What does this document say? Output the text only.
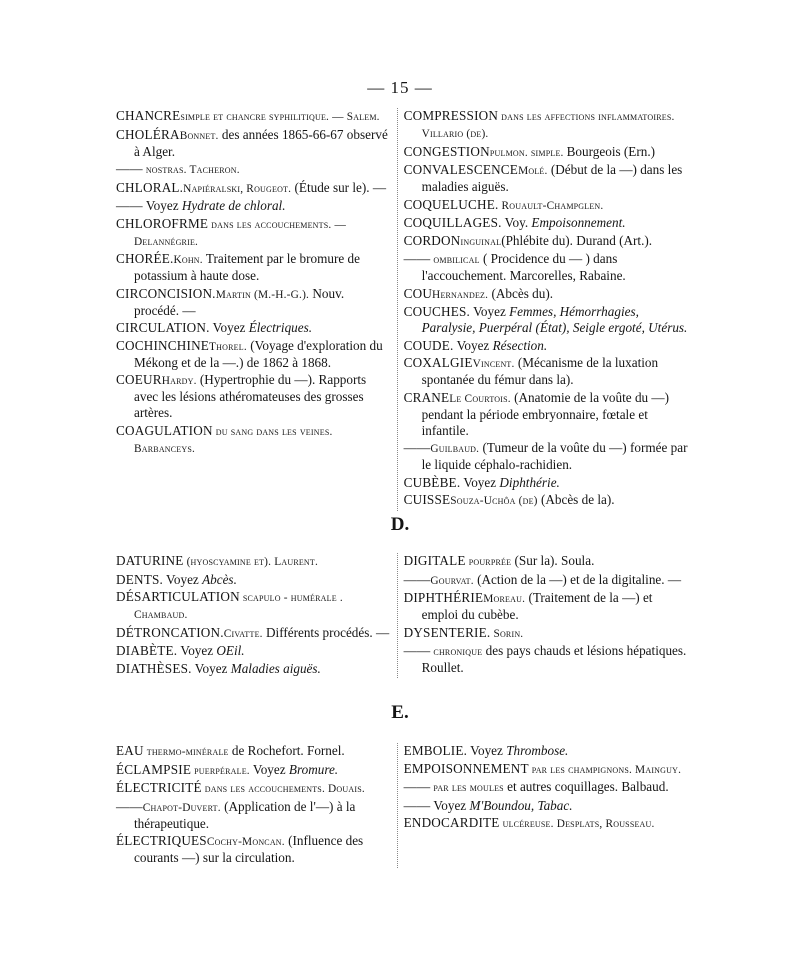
— 15 —
CHANCREsimple et chancre syphilitique. — Salem.
CHOLÉRABonnet. des années 1865-66-67 observé à Alger.
—— nostras. Tacheron.
CHLORAL.Napiéralski, Rougeot. (Étude sur le). —
—— Voyez Hydrate de chloral.
CHLOROFRME dans les accouchements. — Delannégrie.
CHORÉE.Kohn. Traitement par le bromure de potassium à haute dose.
CIRCONCISION.Martin (M.-H.-G.). Nouv. procédé. —
CIRCULATION. Voyez Électriques.
COCHINCHINEThorel. (Voyage d'exploration du Mékong et de la —.) de 1862 à 1868.
COEURHardy. (Hypertrophie du —). Rapports avec les lésions athéromateuses des grosses artères.
COAGULATION du sang dans les veines. Barbanceys.
COMPRESSION dans les affections inflammatoires. Villario (de).
CONGESTIONpulmon. simple. Bourgeois (Ern.)
CONVALESCENCEMolé. (Début de la —) dans les maladies aiguës.
COQUELUCHE. Rouault-Champglen.
COQUILLAGES. Voy. Empoisonnement.
CORDONinguinal(Phlébite du). Durand (Art.).
—— ombilical ( Procidence du — ) dans l'accouchement. Marcorelles, Rabaine.
COUHernandez. (Abcès du).
COUCHES. Voyez Femmes, Hémorrhagies, Paralysie, Puerpéral (État), Seigle ergoté, Utérus.
COUDE. Voyez Résection.
COXALGIEVincent. (Mécanisme de la luxation spontanée du fémur dans la).
CRANELe Courtois. (Anatomie de la voûte du —) pendant la période embryonnaire, fœtale et infantile.
——Guilbaud. (Tumeur de la voûte du —) formée par le liquide céphalo-rachidien.
CUBÈBE. Voyez Diphthérie.
CUISSESouza-Uchôa (de) (Abcès de la).
D.
DATURINE (hyoscyamine et). Laurent.
DENTS. Voyez Abcès.
DÉSARTICULATION scapulo - humérale . Chambaud.
DÉTRONCATION.Civatte. Différents procédés. —
DIABÈTE. Voyez OEil.
DIATHÈSES. Voyez Maladies aiguës.
DIGITALE pourprée (Sur la). Soula.
——Gourvat. (Action de la —) et de la digitaline. —
DIPHTHÉRIEMoreau. (Traitement de la —) et emploi du cubèbe.
DYSENTERIE. Sorin.
—— chronique des pays chauds et lésions hépatiques. Roullet.
E.
EAU thermo-minérale de Rochefort. Fornel.
ÉCLAMPSIE puerpérale. Voyez Bromure.
ÉLECTRICITÉ dans les accouchements. Douais.
——Chapot-Duvert. (Application de l'—) à la thérapeutique.
ÉLECTRIQUESCochy-Moncan. (Influence des courants —) sur la circulation.
EMBOLIE. Voyez Thrombose.
EMPOISONNEMENT par les champignons. Mainguy.
—— par les moules et autres coquillages. Balbaud.
—— Voyez M'Boundou, Tabac.
ENDOCARDITE ulcéreuse. Desplats, Rousseau.
